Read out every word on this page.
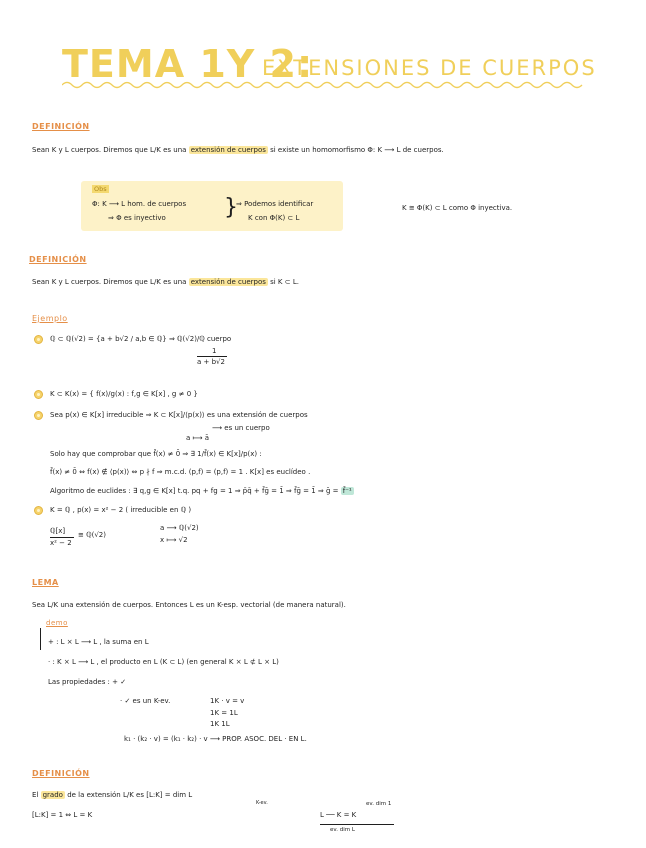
TEMA 1Y 2:
EXTENSIONES DE CUERPOS
DEFINICIÓN
Sean K y L cuerpos. Diremos que L/K es una extensión de cuerpos si existe un homomorfismo Φ: K ⟶ L de cuerpos.
Obs
Φ: K ⟶ L hom. de cuerpos
⇒ Φ es inyectivo	}
⇒ Podemos identificar
K con Φ(K) ⊂ L
K ≅ Φ(K) ⊂ L como Φ inyectiva.
DEFINICIÓN
Sean K y L cuerpos. Diremos que L/K es una extensión de cuerpos si K ⊂ L.
Ejemplo
ℚ ⊂ ℚ(√2) = {a + b√2 / a,b ∈ ℚ} ⇒ ℚ(√2)/ℚ cuerpo
1
a + b√2
K ⊂ K(x) = { f(x)/g(x) : f,g ∈ K[x] , g ≠ 0 }
Sea p(x) ∈ K[x] irreducible ⇒ K ⊂ K[x]/⟨p(x)⟩ es una extensión de cuerpos
⟶ es un cuerpo
a ⟼ ā
Solo hay que comprobar que f̄(x) ≠ 0̄ ⇒ ∃ 1/f̄(x) ∈ K[x]/p(x) :
f̄(x) ≠ 0̄ ⇔ f(x) ∉ ⟨p(x)⟩ ⇔ p ∤ f ⇒ m.c.d. (p,f) = (p,f) = 1 . K[x] es euclídeo .
Algoritmo de euclides : ∃ q,g ∈ K[x] t.q. pq + fg = 1 ⇒ p̄q̄ + f̄ḡ = 1̄ ⇒ f̄ḡ = 1̄ ⇒ ḡ = f̄⁻¹
K = ℚ , p(x) = x² − 2 ( irreducible en ℚ )
ℚ[x]
x² − 2
≅ ℚ(√2)
a ⟶ ℚ(√2)
x ⟼ √2
LEMA
Sea L/K una extensión de cuerpos. Entonces L es un K-esp. vectorial (de manera natural).
demo
+ : L × L ⟶ L , la suma en L
· : K × L ⟶ L , el producto en L (K ⊂ L) (en general K × L ⊄ L × L)
Las propiedades : + ✓
· ✓ es un K-ev.	1K · v = v
1K = 1L
1K 1L
k₁ · (k₂ · v) = (k₁ · k₂) · v ⟶ PROP. ASOC. DEL · EN L.
DEFINICIÓN
El grado de la extensión L/K es [L:K] = dim L
K-ev.
[L:K] = 1 ⇔ L = K
ev. dim 1
L ── K = K
ev. dim L
